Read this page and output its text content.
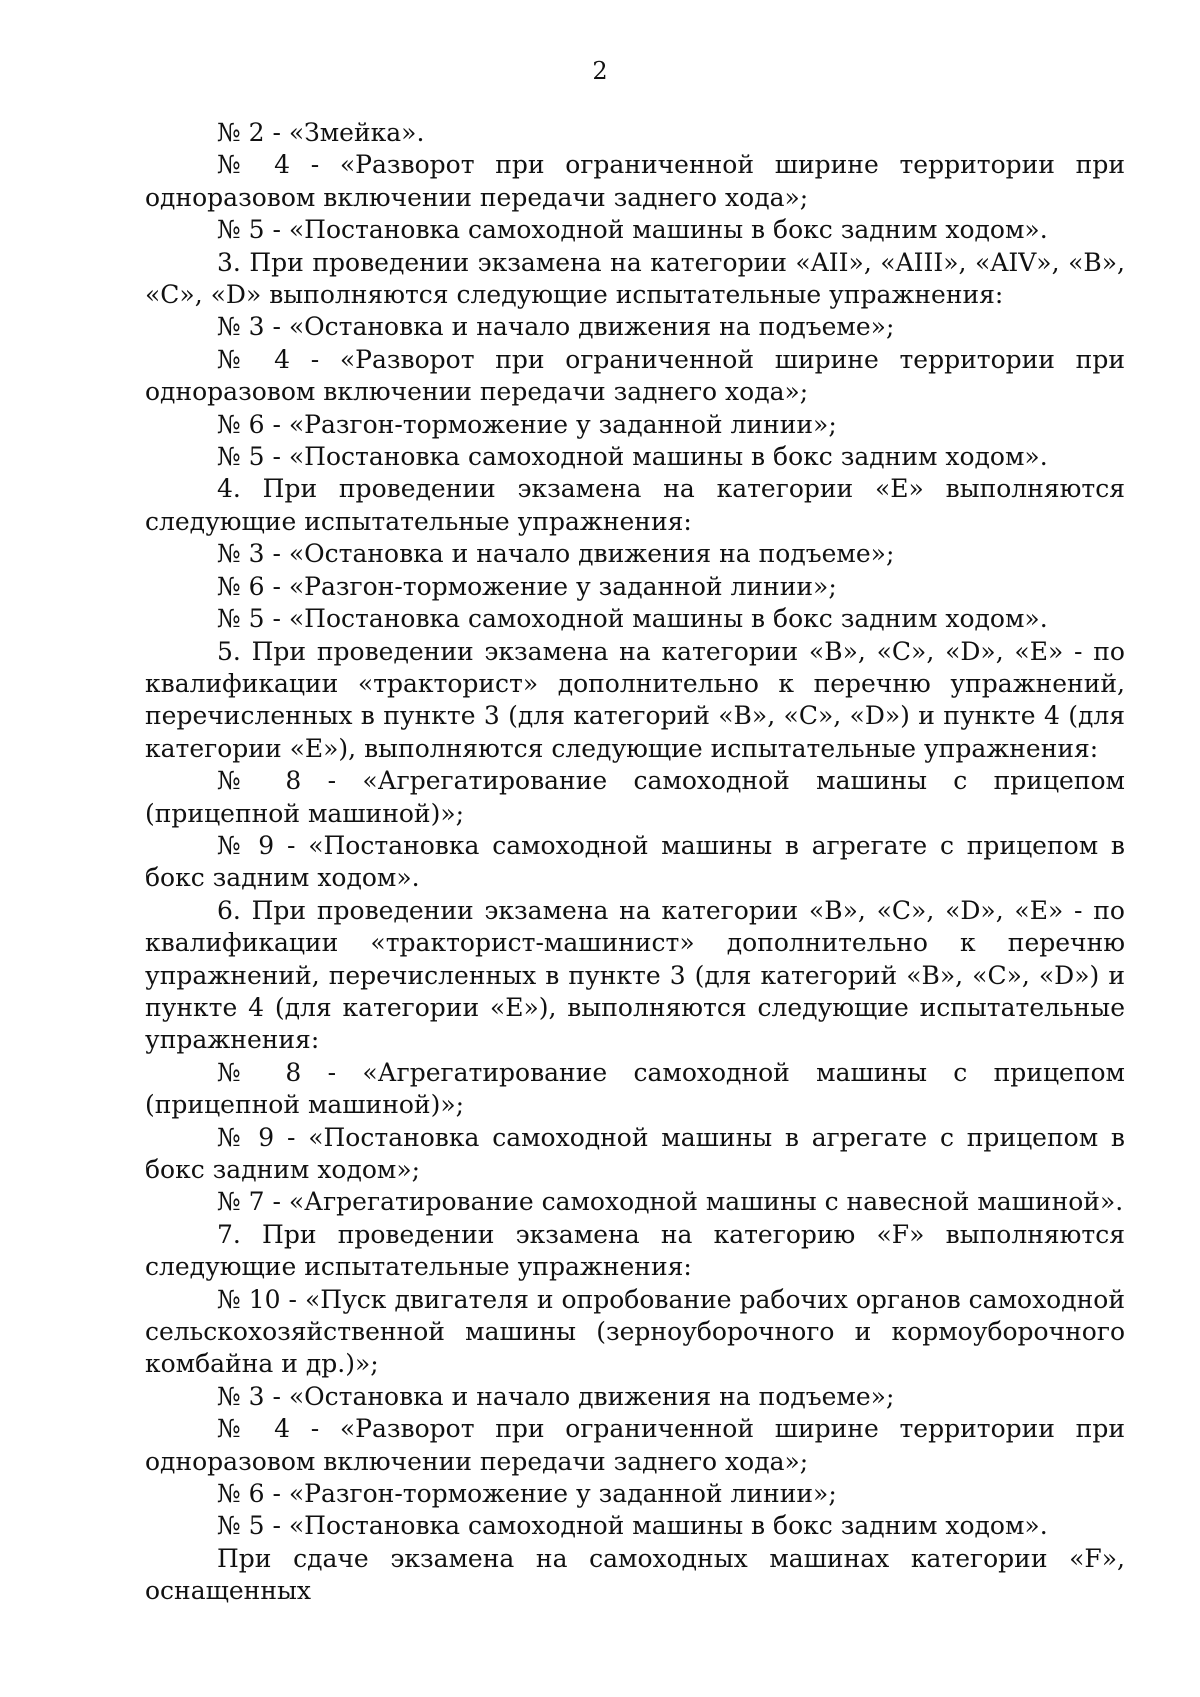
2

№ 2 - «Змейка».

№ 4 - «Разворот при ограниченной ширине территории при одноразовом включении передачи заднего хода»;

№ 5 - «Постановка самоходной машины в бокс задним ходом».

3. При проведении экзамена на категории «AII», «AIII», «AIV», «B», «C», «D» выполняются следующие испытательные упражнения:

№ 3 - «Остановка и начало движения на подъеме»;

№ 4 - «Разворот при ограниченной ширине территории при одноразовом включении передачи заднего хода»;

№ 6 - «Разгон-торможение у заданной линии»;

№ 5 - «Постановка самоходной машины в бокс задним ходом».

4. При проведении экзамена на категории «E» выполняются следующие испытательные упражнения:

№ 3 - «Остановка и начало движения на подъеме»;

№ 6 - «Разгон-торможение у заданной линии»;

№ 5 - «Постановка самоходной машины в бокс задним ходом».

5. При проведении экзамена на категории «B», «C», «D», «E» - по квалификации «тракторист» дополнительно к перечню упражнений, перечисленных в пункте 3 (для категорий «B», «C», «D») и пункте 4 (для категории «E»), выполняются следующие испытательные упражнения:

№ 8 - «Агрегатирование самоходной машины с прицепом (прицепной машиной)»;

№ 9 - «Постановка самоходной машины в агрегате с прицепом в бокс задним ходом».

6. При проведении экзамена на категории «B», «C», «D», «E» - по квалификации «тракторист-машинист» дополнительно к перечню упражнений, перечисленных в пункте 3 (для категорий «B», «C», «D») и пункте 4 (для категории «E»), выполняются следующие испытательные упражнения:

№ 8 - «Агрегатирование самоходной машины с прицепом (прицепной машиной)»;

№ 9 - «Постановка самоходной машины в агрегате с прицепом в бокс задним ходом»;

№ 7 - «Агрегатирование самоходной машины с навесной машиной».

7. При проведении экзамена на категорию «F» выполняются следующие испытательные упражнения:

№ 10 - «Пуск двигателя и опробование рабочих органов самоходной сельскохозяйственной машины (зерноуборочного и кормоуборочного комбайна и др.)»;

№ 3 - «Остановка и начало движения на подъеме»;

№ 4 - «Разворот при ограниченной ширине территории при одноразовом включении передачи заднего хода»;

№ 6 - «Разгон-торможение у заданной линии»;

№ 5 - «Постановка самоходной машины в бокс задним ходом».

При сдаче экзамена на самоходных машинах категории «F», оснащенных
